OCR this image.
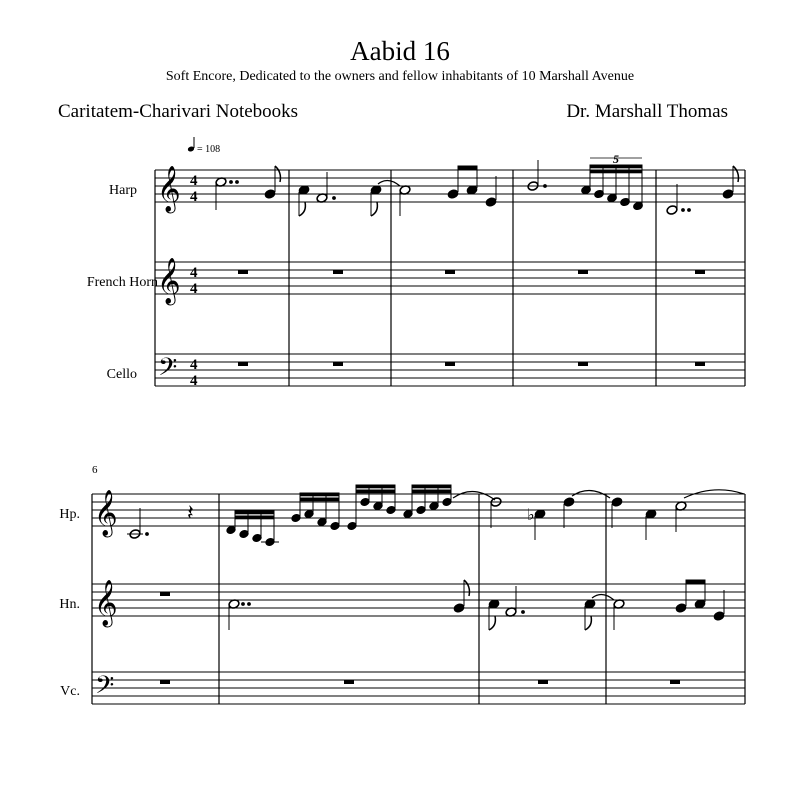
Aabid 16
Soft Encore, Dedicated to the owners and fellow inhabitants of 10 Marshall Avenue
Caritatem-Charivari Notebooks	Dr. Marshall Thomas
= 108
Harp
French Horn
Cello
𝄞
𝄞
𝄢
4
4
4
4
4
4
5
6
Hp.
Hn.
Vc.
𝄞
𝄞
𝄢
𝄽	♭
